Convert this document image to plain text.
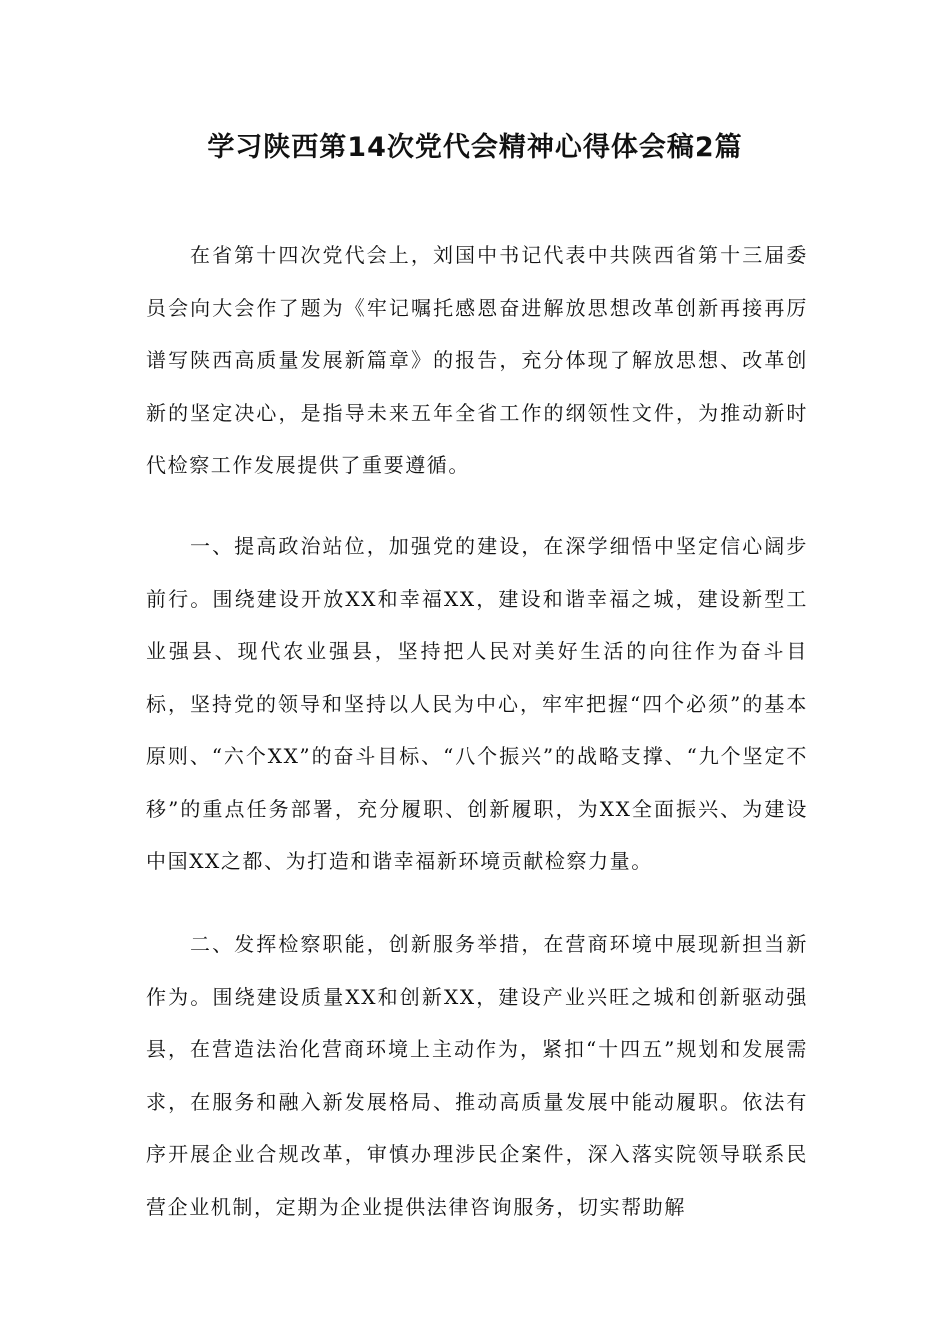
学习陕西第14次党代会精神心得体会稿2篇

在省第十四次党代会上，刘国中书记代表中共陕西省第十三届委员会向大会作了题为《牢记嘱托感恩奋进解放思想改革创新再接再厉谱写陕西高质量发展新篇章》的报告，充分体现了解放思想、改革创新的坚定决心，是指导未来五年全省工作的纲领性文件，为推动新时代检察工作发展提供了重要遵循。

一、提高政治站位，加强党的建设，在深学细悟中坚定信心阔步前行。围绕建设开放XX和幸福XX，建设和谐幸福之城，建设新型工业强县、现代农业强县，坚持把人民对美好生活的向往作为奋斗目标，坚持党的领导和坚持以人民为中心，牢牢把握“四个必须”的基本原则、“六个XX”的奋斗目标、“八个振兴”的战略支撑、“九个坚定不移”的重点任务部署，充分履职、创新履职，为XX全面振兴、为建设中国XX之都、为打造和谐幸福新环境贡献检察力量。

二、发挥检察职能，创新服务举措，在营商环境中展现新担当新作为。围绕建设质量XX和创新XX，建设产业兴旺之城和创新驱动强县，在营造法治化营商环境上主动作为，紧扣“十四五”规划和发展需求，在服务和融入新发展格局、推动高质量发展中能动履职。依法有序开展企业合规改革，审慎办理涉民企案件，深入落实院领导联系民营企业机制，定期为企业提供法律咨询服务，切实帮助解
